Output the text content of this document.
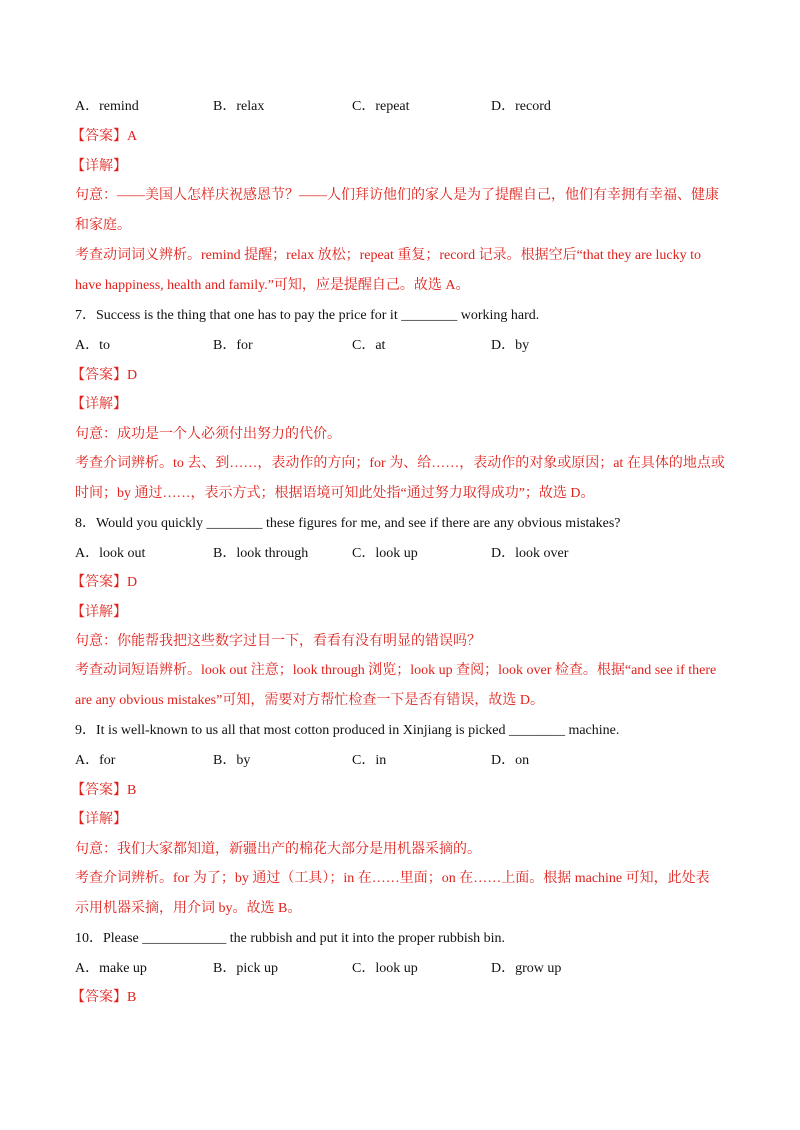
A．remind	B．relax	C．repeat	D．record
【答案】A
【详解】
句意：——美国人怎样庆祝感恩节？——人们拜访他们的家人是为了提醒自己，他们有幸拥有幸福、健康
和家庭。
考查动词词义辨析。remind 提醒；relax 放松；repeat 重复；record 记录。根据空后“that they are lucky to
have happiness, health and family.”可知，应是提醒自己。故选 A。
7．Success is the thing that one has to pay the price for it ________ working hard.
A．to	B．for	C．at	D．by
【答案】D
【详解】
句意：成功是一个人必须付出努力的代价。
考查介词辨析。to 去、到……，表动作的方向；for 为、给……，表动作的对象或原因；at 在具体的地点或
时间；by 通过……，表示方式；根据语境可知此处指“通过努力取得成功”；故选 D。
8．Would you quickly ________ these figures for me, and see if there are any obvious mistakes?
A．look out	B．look through	C．look up	D．look over
【答案】D
【详解】
句意：你能帮我把这些数字过目一下，看看有没有明显的错误吗？
考查动词短语辨析。look out 注意；look through 浏览；look up 查阅；look over 检查。根据“and see if there
are any obvious mistakes”可知，需要对方帮忙检查一下是否有错误，故选 D。
9．It is well-known to us all that most cotton produced in Xinjiang is picked ________ machine.
A．for	B．by	C．in	D．on
【答案】B
【详解】
句意：我们大家都知道，新疆出产的棉花大部分是用机器采摘的。
考查介词辨析。for 为了；by 通过（工具）；in 在……里面；on 在……上面。根据 machine 可知，此处表
示用机器采摘，用介词 by。故选 B。
10．Please ____________ the rubbish and put it into the proper rubbish bin.
A．make up	B．pick up	C．look up	D．grow up
【答案】B
